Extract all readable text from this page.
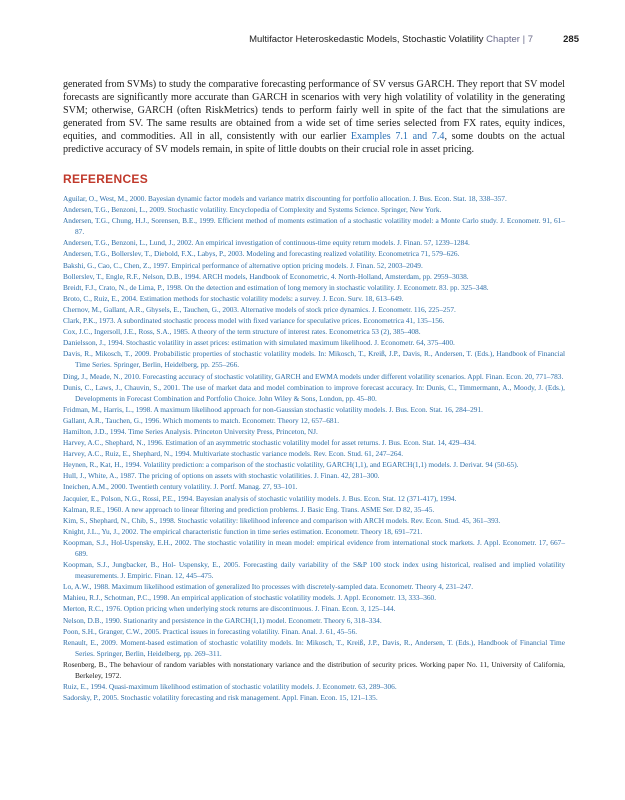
Multifactor Heteroskedastic Models, Stochastic Volatility Chapter | 7	285

generated from SVMs) to study the comparative forecasting performance of SV versus GARCH. They report that SV model forecasts are significantly more accurate than GARCH in scenarios with very high volatility of volatility in the generating SVM; otherwise, GARCH (often RiskMetrics) tends to perform fairly well in spite of the fact that the simulations are generated from SV. The same results are obtained from a wide set of time series selected from FX rates, equity indices, equities, and commodities. All in all, consistently with our earlier Examples 7.1 and 7.4, some doubts on the actual predictive accuracy of SV models remain, in spite of little doubts on their crucial role in asset pricing.

REFERENCES
Aguilar, O., West, M., 2000. Bayesian dynamic factor models and variance matrix discounting for portfolio allocation. J. Bus. Econ. Stat. 18, 338–357.
Andersen, T.G., Benzoni, L., 2009. Stochastic volatility. Encyclopedia of Complexity and Systems Science. Springer, New York.
Andersen, T.G., Chung, H.J., Sorensen, B.E., 1999. Efficient method of moments estimation of a stochastic volatility model: a Monte Carlo study. J. Econometr. 91, 61–87.
Andersen, T.G., Benzoni, L., Lund, J., 2002. An empirical investigation of continuous-time equity return models. J. Finan. 57, 1239–1284.
Andersen, T.G., Bollerslev, T., Diebold, F.X., Labys, P., 2003. Modeling and forecasting realized volatility. Econometrica 71, 579–626.
Bakshi, G., Cao, C., Chen, Z., 1997. Empirical performance of alternative option pricing models. J. Finan. 52, 2003–2049.
Bollerslev, T., Engle, R.F., Nelson, D.B., 1994. ARCH models, Handbook of Econometric, 4. North-Holland, Amsterdam, pp. 2959–3038.
Breidt, F.J., Crato, N., de Lima, P., 1998. On the detection and estimation of long memory in stochastic volatility. J. Econometr. 83. pp. 325–348.
Broto, C., Ruiz, E., 2004. Estimation methods for stochastic volatility models: a survey. J. Econ. Surv. 18, 613–649.
Chernov, M., Gallant, A.R., Ghysels, E., Tauchen, G., 2003. Alternative models of stock price dynamics. J. Econometr. 116, 225–257.
Clark, P.K., 1973. A subordinated stochastic process model with fixed variance for speculative prices. Econometrica 41, 135–156.
Cox, J.C., Ingersoll, J.E., Ross, S.A., 1985. A theory of the term structure of interest rates. Econometrica 53 (2), 385–408.
Danielsson, J., 1994. Stochastic volatility in asset prices: estimation with simulated maximum likelihood. J. Econometr. 64, 375–400.
Davis, R., Mikosch, T., 2009. Probabilistic properties of stochastic volatility models. In: Mikosch, T., Kreiß, J.P., Davis, R., Andersen, T. (Eds.), Handbook of Financial Time Series. Springer, Berlin, Heidelberg, pp. 255–266.
Ding, J., Meade, N., 2010. Forecasting accuracy of stochastic volatility, GARCH and EWMA models under different volatility scenarios. Appl. Finan. Econ. 20, 771–783.
Dunis, C., Laws, J., Chauvin, S., 2001. The use of market data and model combination to improve forecast accuracy. In: Dunis, C., Timmermann, A., Moody, J. (Eds.), Developments in Forecast Combination and Portfolio Choice. John Wiley & Sons, London, pp. 45–80.
Fridman, M., Harris, L., 1998. A maximum likelihood approach for non-Gaussian stochastic volatility models. J. Bus. Econ. Stat. 16, 284–291.
Gallant, A.R., Tauchen, G., 1996. Which moments to match. Econometr. Theory 12, 657–681.
Hamilton, J.D., 1994. Time Series Analysis. Princeton University Press, Princeton, NJ.
Harvey, A.C., Shephard, N., 1996. Estimation of an asymmetric stochastic volatility model for asset returns. J. Bus. Econ. Stat. 14, 429–434.
Harvey, A.C., Ruiz, E., Shephard, N., 1994. Multivariate stochastic variance models. Rev. Econ. Stud. 61, 247–264.
Heynen, R., Kat, H., 1994. Volatility prediction: a comparison of the stochastic volatility, GARCH(1,1), and EGARCH(1,1) models. J. Derivat. 94 (50-65).
Hull, J., White, A., 1987. The pricing of options on assets with stochastic volatilities. J. Finan. 42, 281–300.
Ineichen, A.M., 2000. Twentieth century volatility. J. Portf. Manag. 27, 93–101.
Jacquier, E., Polson, N.G., Rossi, P.E., 1994. Bayesian analysis of stochastic volatility models. J. Bus. Econ. Stat. 12 (371-417), 1994.
Kalman, R.E., 1960. A new approach to linear filtering and prediction problems. J. Basic Eng. Trans. ASME Ser. D 82, 35–45.
Kim, S., Shephard, N., Chib, S., 1998. Stochastic volatility: likelihood inference and comparison with ARCH models. Rev. Econ. Stud. 45, 361–393.
Knight, J.L., Yu, J., 2002. The empirical characteristic function in time series estimation. Econometr. Theory 18, 691–721.
Koopman, S.J., Hol-Uspensky, E.H., 2002. The stochastic volatility in mean model: empirical evidence from international stock markets. J. Appl. Econometr. 17, 667–689.
Koopman, S.J., Jungbacker, B., Hol- Uspensky, E., 2005. Forecasting daily variability of the S&P 100 stock index using historical, realised and implied volatility measurements. J. Empiric. Finan. 12, 445–475.
Lo, A.W., 1988. Maximum likelihood estimation of generalized Ito processes with discretely-sampled data. Econometr. Theory 4, 231–247.
Mahieu, R.J., Schotman, P.C., 1998. An empirical application of stochastic volatility models. J. Appl. Econometr. 13, 333–360.
Merton, R.C., 1976. Option pricing when underlying stock returns are discontinuous. J. Finan. Econ. 3, 125–144.
Nelson, D.B., 1990. Stationarity and persistence in the GARCH(1,1) model. Econometr. Theory 6, 318–334.
Poon, S.H., Granger, C.W., 2005. Practical issues in forecasting volatility. Finan. Anal. J. 61, 45–56.
Renault, E., 2009. Moment-based estimation of stochastic volatility models. In: Mikosch, T., Kreiß, J.P., Davis, R., Andersen, T. (Eds.), Handbook of Financial Time Series. Springer, Berlin, Heidelberg, pp. 269–311.
Rosenberg, B., The behaviour of random variables with nonstationary variance and the distribution of security prices. Working paper No. 11, University of California, Berkeley, 1972.
Ruiz, E., 1994. Quasi-maximum likelihood estimation of stochastic volatility models. J. Econometr. 63, 289–306.
Sadorsky, P., 2005. Stochastic volatility forecasting and risk management. Appl. Finan. Econ. 15, 121–135.
